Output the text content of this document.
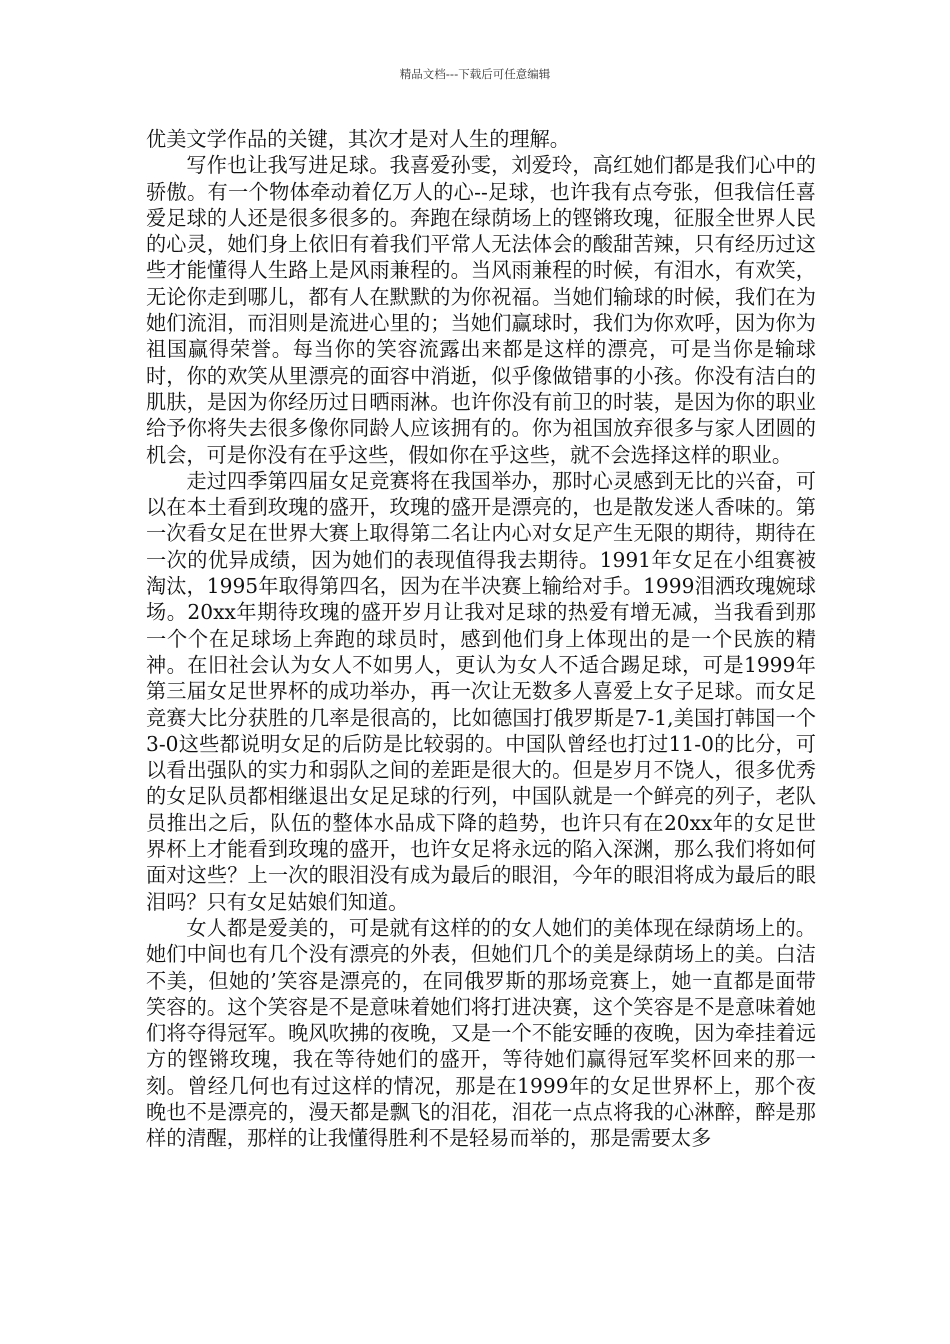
精品文档---下载后可任意编辑

优美文学作品的关键，其次才是对人生的理解。

写作也让我写进足球。我喜爱孙雯，刘爱玲，高红她们都是我们心中的骄傲。有一个物体牵动着亿万人的心--足球，也许我有点夸张，但我信任喜爱足球的人还是很多很多的。奔跑在绿荫场上的铿锵玫瑰，征服全世界人民的心灵，她们身上依旧有着我们平常人无法体会的酸甜苦辣，只有经历过这些才能懂得人生路上是风雨兼程的。当风雨兼程的时候，有泪水，有欢笑，无论你走到哪儿，都有人在默默的为你祝福。当她们输球的时候，我们在为她们流泪，而泪则是流进心里的；当她们赢球时，我们为你欢呼，因为你为祖国赢得荣誉。每当你的笑容流露出来都是这样的漂亮，可是当你是输球时，你的欢笑从里漂亮的面容中消逝，似乎像做错事的小孩。你没有洁白的肌肤，是因为你经历过日晒雨淋。也许你没有前卫的时装，是因为你的职业给予你将失去很多像你同龄人应该拥有的。你为祖国放弃很多与家人团圆的机会，可是你没有在乎这些，假如你在乎这些，就不会选择这样的职业。

走过四季第四届女足竞赛将在我国举办，那时心灵感到无比的兴奋，可以在本土看到玫瑰的盛开，玫瑰的盛开是漂亮的，也是散发迷人香味的。第一次看女足在世界大赛上取得第二名让内心对女足产生无限的期待，期待在一次的优异成绩，因为她们的表现值得我去期待。1991年女足在小组赛被淘汰，1995年取得第四名，因为在半决赛上输给对手。1999泪洒玫瑰婉球场。20xx年期待玫瑰的盛开岁月让我对足球的热爱有增无减，当我看到那一个个在足球场上奔跑的球员时，感到他们身上体现出的是一个民族的精神。在旧社会认为女人不如男人，更认为女人不适合踢足球，可是1999年第三届女足世界杯的成功举办，再一次让无数多人喜爱上女子足球。而女足竞赛大比分获胜的几率是很高的，比如德国打俄罗斯是7-1,美国打韩国一个3-0这些都说明女足的后防是比较弱的。中国队曾经也打过11-0的比分，可以看出强队的实力和弱队之间的差距是很大的。但是岁月不饶人，很多优秀的女足队员都相继退出女足足球的行列，中国队就是一个鲜亮的列子，老队员推出之后，队伍的整体水品成下降的趋势，也许只有在20xx年的女足世界杯上才能看到玫瑰的盛开，也许女足将永远的陷入深渊，那么我们将如何面对这些？上一次的眼泪没有成为最后的眼泪，今年的眼泪将成为最后的眼泪吗？只有女足姑娘们知道。

女人都是爱美的，可是就有这样的的女人她们的美体现在绿荫场上的。她们中间也有几个没有漂亮的外表，但她们几个的美是绿荫场上的美。白洁不美，但她的’笑容是漂亮的，在同俄罗斯的那场竞赛上，她一直都是面带笑容的。这个笑容是不是意味着她们将打进决赛，这个笑容是不是意味着她们将夺得冠军。晚风吹拂的夜晚，又是一个不能安睡的夜晚，因为牵挂着远方的铿锵玫瑰，我在等待她们的盛开，等待她们赢得冠军奖杯回来的那一刻。曾经几何也有过这样的情况，那是在1999年的女足世界杯上，那个夜晚也不是漂亮的，漫天都是飘飞的泪花，泪花一点点将我的心淋醉，醉是那样的清醒，那样的让我懂得胜利不是轻易而举的，那是需要太多
